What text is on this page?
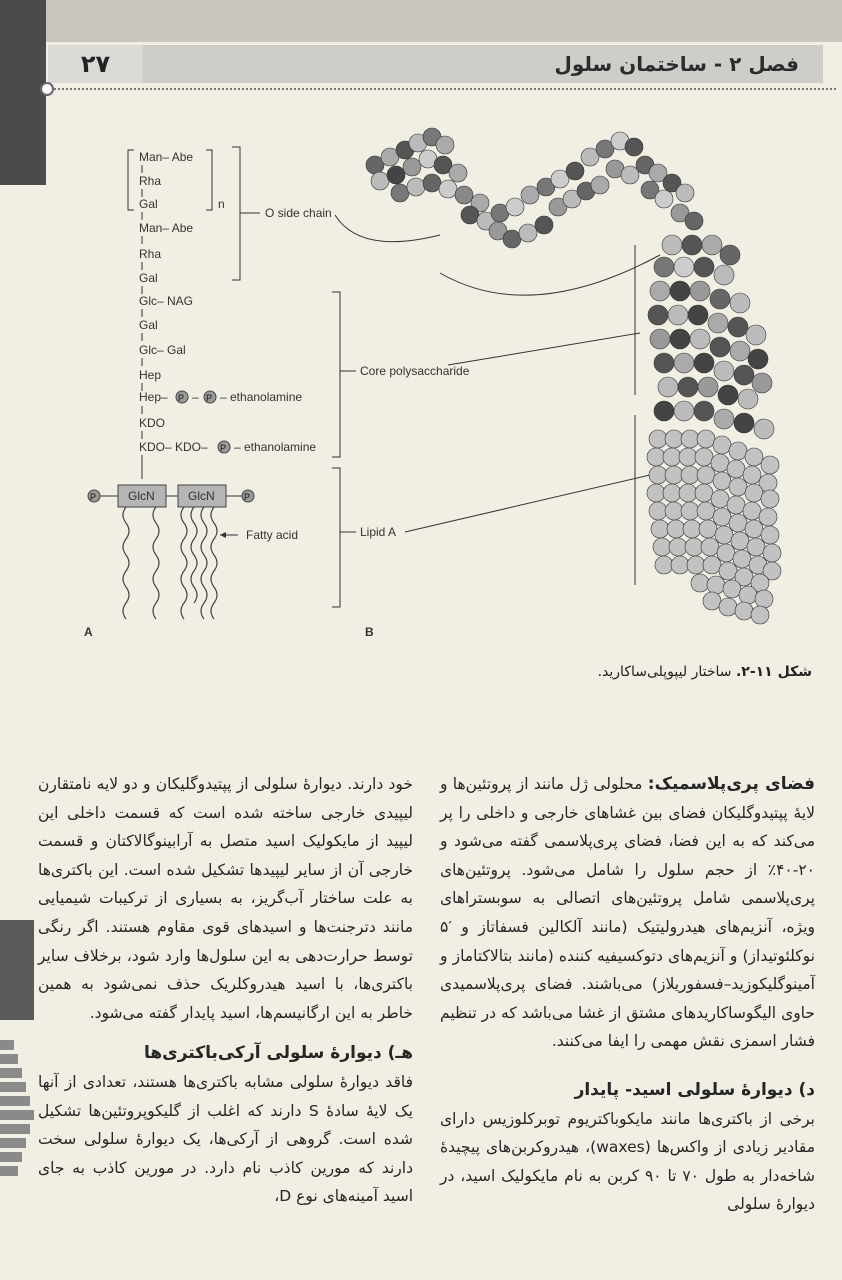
۲۷	فصل ۲ - ساختمان سلول
n
Man– Abe
Rha
Gal
Man– Abe
Rha
Gal
Glc– NAG
Gal
Glc– Gal
Hep
Hep–
KDO
KDO– KDO–
P – P – ethanolamine
P – ethanolamine
P	GlcN	GlcN	P
Fatty acid
O side chain
Core polysaccharide
Lipid A
A	B
شکل ۱۱-۲. ساختار لیپوپلی‌ساکارید.

فضای پری‌پلاسمیک: محلولی ژل مانند از پروتئین‌ها و لایهٔ پپتیدوگلیکان فضای بین غشاهای خارجی و داخلی را پر می‌کند که به این فضا، فضای پری‌پلاسمی گفته می‌شود و ۲۰-۴۰٪ از حجم سلول را شامل می‌شود. پروتئین‌های پری‌پلاسمی شامل پروتئین‌های اتصالی به سوبستراهای ویژه، آنزیم‌های هیدرولیتیک (مانند آلکالین فسفاتاز و ′۵ نوکلئوتیداز) و آنزیم‌های دتوکسیفیه کننده (مانند بتالاکتاماز و آمینوگلیکوزید–فسفوریلاز) می‌باشند. فضای پری‌پلاسمیدی حاوی الیگوساکاریدهای مشتق از غشا می‌باشد که در تنظیم فشار اسمزی نقش مهمی را ایفا می‌کنند.

د) دیوارهٔ سلولی اسید- پایدار

برخی از باکتری‌ها مانند مایکوباکتریوم توبرکلوزیس دارای مقادیر زیادی از واکس‌ها (waxes)، هیدروکربن‌های پیچیدهٔ شاخه‌دار به طول ۷۰ تا ۹۰ کربن به نام مایکولیک اسید، در دیوارهٔ سلولی

خود دارند. دیوارهٔ سلولی از پپتیدوگلیکان و دو لایه نامتقارن لیپیدی خارجی ساخته شده است که قسمت داخلی این لیپید از مایکولیک اسید متصل به آرابینوگالاکتان و قسمت خارجی آن از سایر لیپیدها تشکیل شده است. این باکتری‌ها به علت ساختار آب‌گریز، به بسیاری از ترکیبات شیمیایی مانند دترجنت‌ها و اسیدهای قوی مقاوم هستند. اگر رنگی توسط حرارت‌دهی به این سلول‌ها وارد شود، برخلاف سایر باکتری‌ها، با اسید هیدروکلریک حذف نمی‌شود به همین خاطر به این ارگانیسم‌ها، اسید پایدار گفته می‌شود.

هـ) دیوارهٔ سلولی آرکی‌باکتری‌ها

فاقد دیوارهٔ سلولی مشابه باکتری‌ها هستند، تعدادی از آنها یک لایهٔ سادهٔ S دارند که اغلب از گلیکوپروتئین‌ها تشکیل شده است. گروهی از آرکی‌ها، یک دیوارهٔ سلولی سخت دارند که مورین کاذب نام دارد. در مورین کاذب به جای اسید آمینه‌های نوع D،
